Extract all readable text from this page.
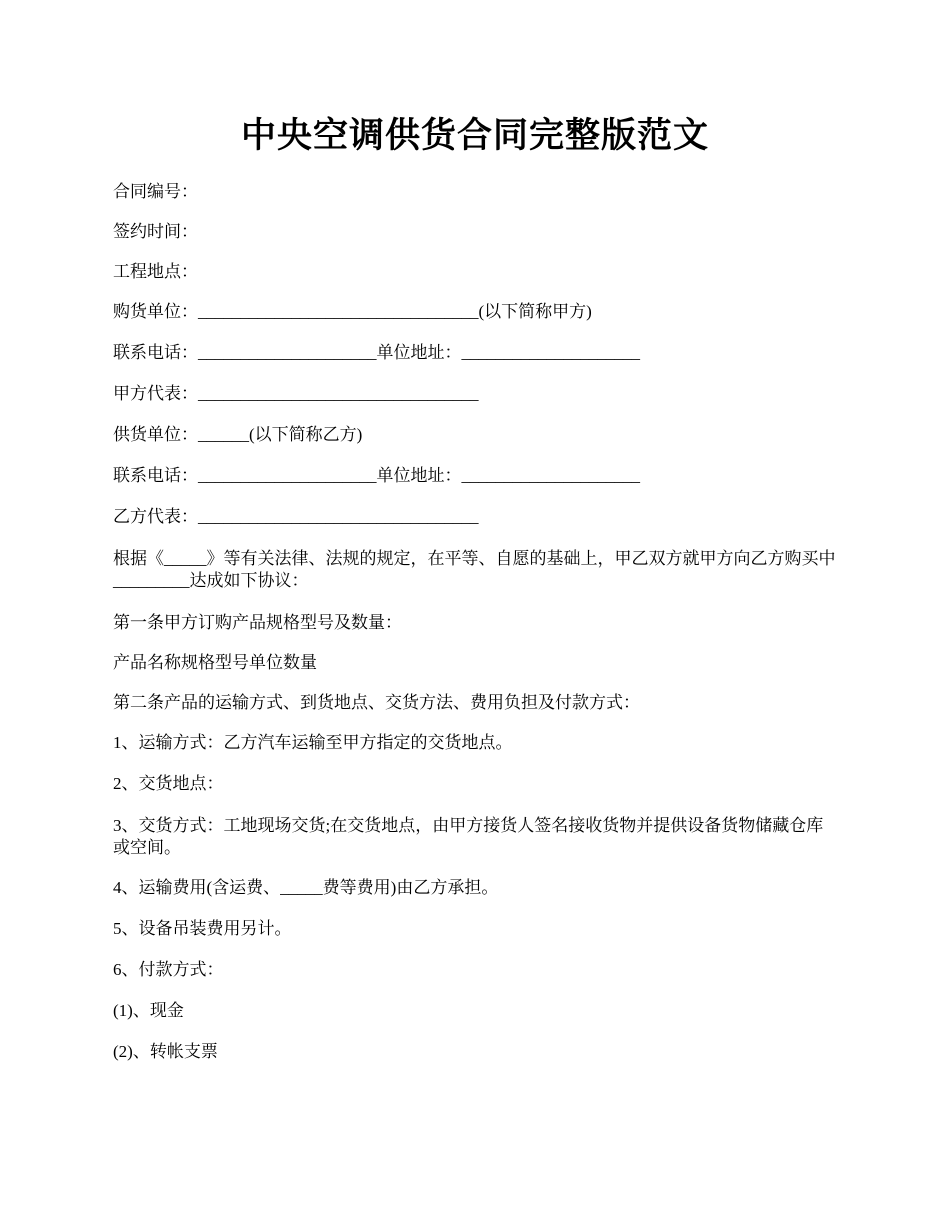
中央空调供货合同完整版范文

合同编号：

签约时间：

工程地点：

购货单位：_________________________________(以下简称甲方)

联系电话：_____________________单位地址：_____________________

甲方代表：_________________________________

供货单位：______(以下简称乙方)

联系电话：_____________________单位地址：_____________________

乙方代表：_________________________________

根据《_____》等有关法律、法规的规定，在平等、自愿的基础上，甲乙双方就甲方向乙方购买中_________达成如下协议：

第一条甲方订购产品规格型号及数量：

产品名称规格型号单位数量

第二条产品的运输方式、到货地点、交货方法、费用负担及付款方式：

1、运输方式：乙方汽车运输至甲方指定的交货地点。

2、交货地点：

3、交货方式：工地现场交货;在交货地点，由甲方接货人签名接收货物并提供设备货物储藏仓库或空间。

4、运输费用(含运费、_____费等费用)由乙方承担。

5、设备吊装费用另计。

6、付款方式：

(1)、现金

(2)、转帐支票
